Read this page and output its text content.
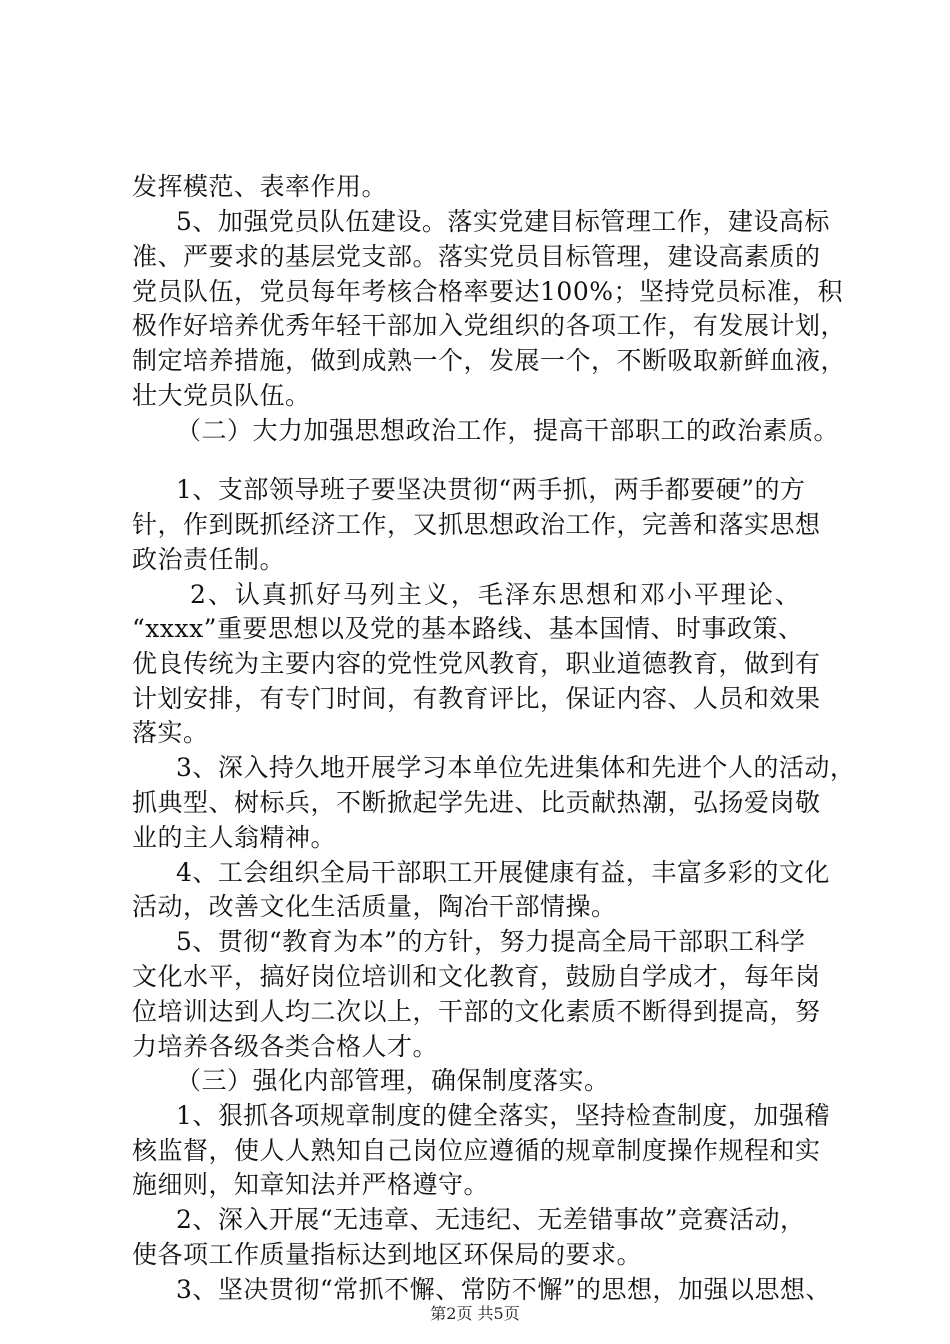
发挥模范、表率作用。
5、加强党员队伍建设。落实党建目标管理工作，建设高标
准、严要求的基层党支部。落实党员目标管理，建设高素质的
党员队伍，党员每年考核合格率要达100%；坚持党员标准，积
极作好培养优秀年轻干部加入党组织的各项工作，有发展计划，
制定培养措施，做到成熟一个，发展一个，不断吸取新鲜血液，
壮大党员队伍。
（二）大力加强思想政治工作，提高干部职工的政治素质。
1、支部领导班子要坚决贯彻“两手抓，两手都要硬”的方
针，作到既抓经济工作，又抓思想政治工作，完善和落实思想
政治责任制。
2、认真抓好马列主义，毛泽东思想和邓小平理论、
“xxxx”重要思想以及党的基本路线、基本国情、时事政策、
优良传统为主要内容的党性党风教育，职业道德教育，做到有
计划安排，有专门时间，有教育评比，保证内容、人员和效果
落实。
3、深入持久地开展学习本单位先进集体和先进个人的活动，
抓典型、树标兵，不断掀起学先进、比贡献热潮，弘扬爱岗敬
业的主人翁精神。
4、工会组织全局干部职工开展健康有益，丰富多彩的文化
活动，改善文化生活质量，陶冶干部情操。
5、贯彻“教育为本”的方针，努力提高全局干部职工科学
文化水平，搞好岗位培训和文化教育，鼓励自学成才，每年岗
位培训达到人均二次以上，干部的文化素质不断得到提高，努
力培养各级各类合格人才。
（三）强化内部管理，确保制度落实。
1、狠抓各项规章制度的健全落实，坚持检查制度，加强稽
核监督，使人人熟知自己岗位应遵循的规章制度操作规程和实
施细则，知章知法并严格遵守。
2、深入开展“无违章、无违纪、无差错事故”竞赛活动，
使各项工作质量指标达到地区环保局的要求。
3、坚决贯彻“常抓不懈、常防不懈”的思想，加强以思想、
第2页 共5页
